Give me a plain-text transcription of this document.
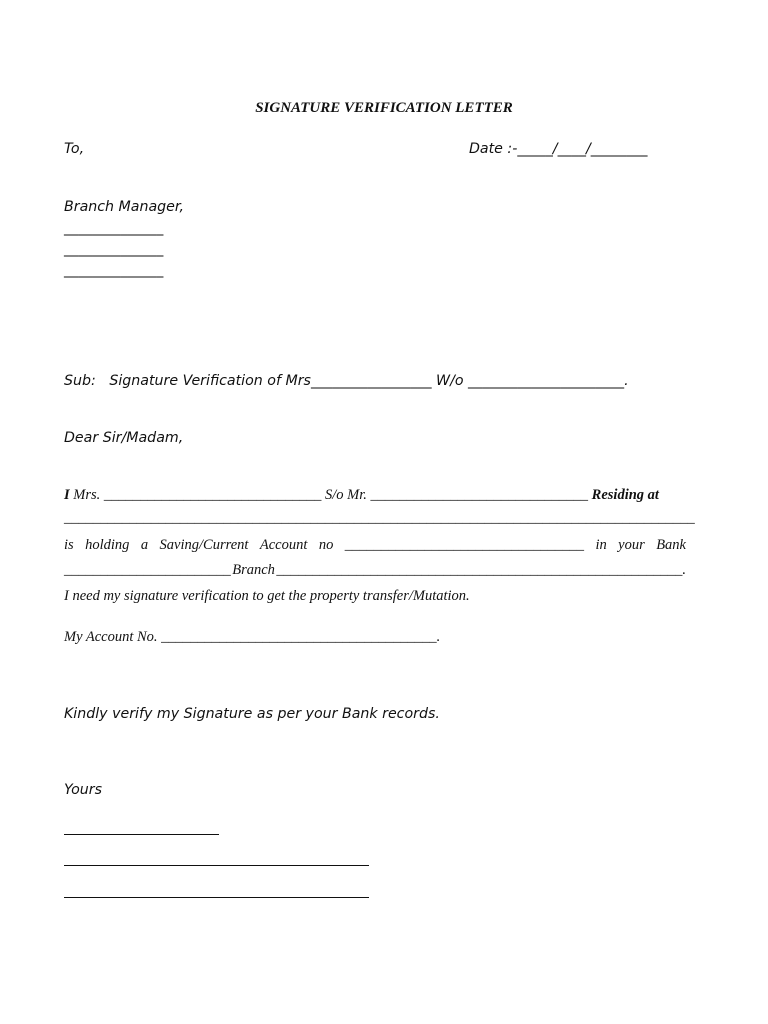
SIGNATURE VERIFICATION LETTER
To,	Date :-_____/____/________
Branch Manager,
______________
______________
______________
Sub:   Signature Verification of Mrs_________________ W/o ______________________.
Dear Sir/Madam,
I Mrs. ______________________________ S/o Mr. ______________________________ Residing at
_______________________________________________________________________________________
is holding a Saving/Current Account no _________________________________ in your Bank
_______________________ Branch ________________________________________________________.
I need my signature verification to get the property transfer/Mutation.
My Account No. ______________________________________.
Kindly verify my Signature as per your Bank records.
Yours
